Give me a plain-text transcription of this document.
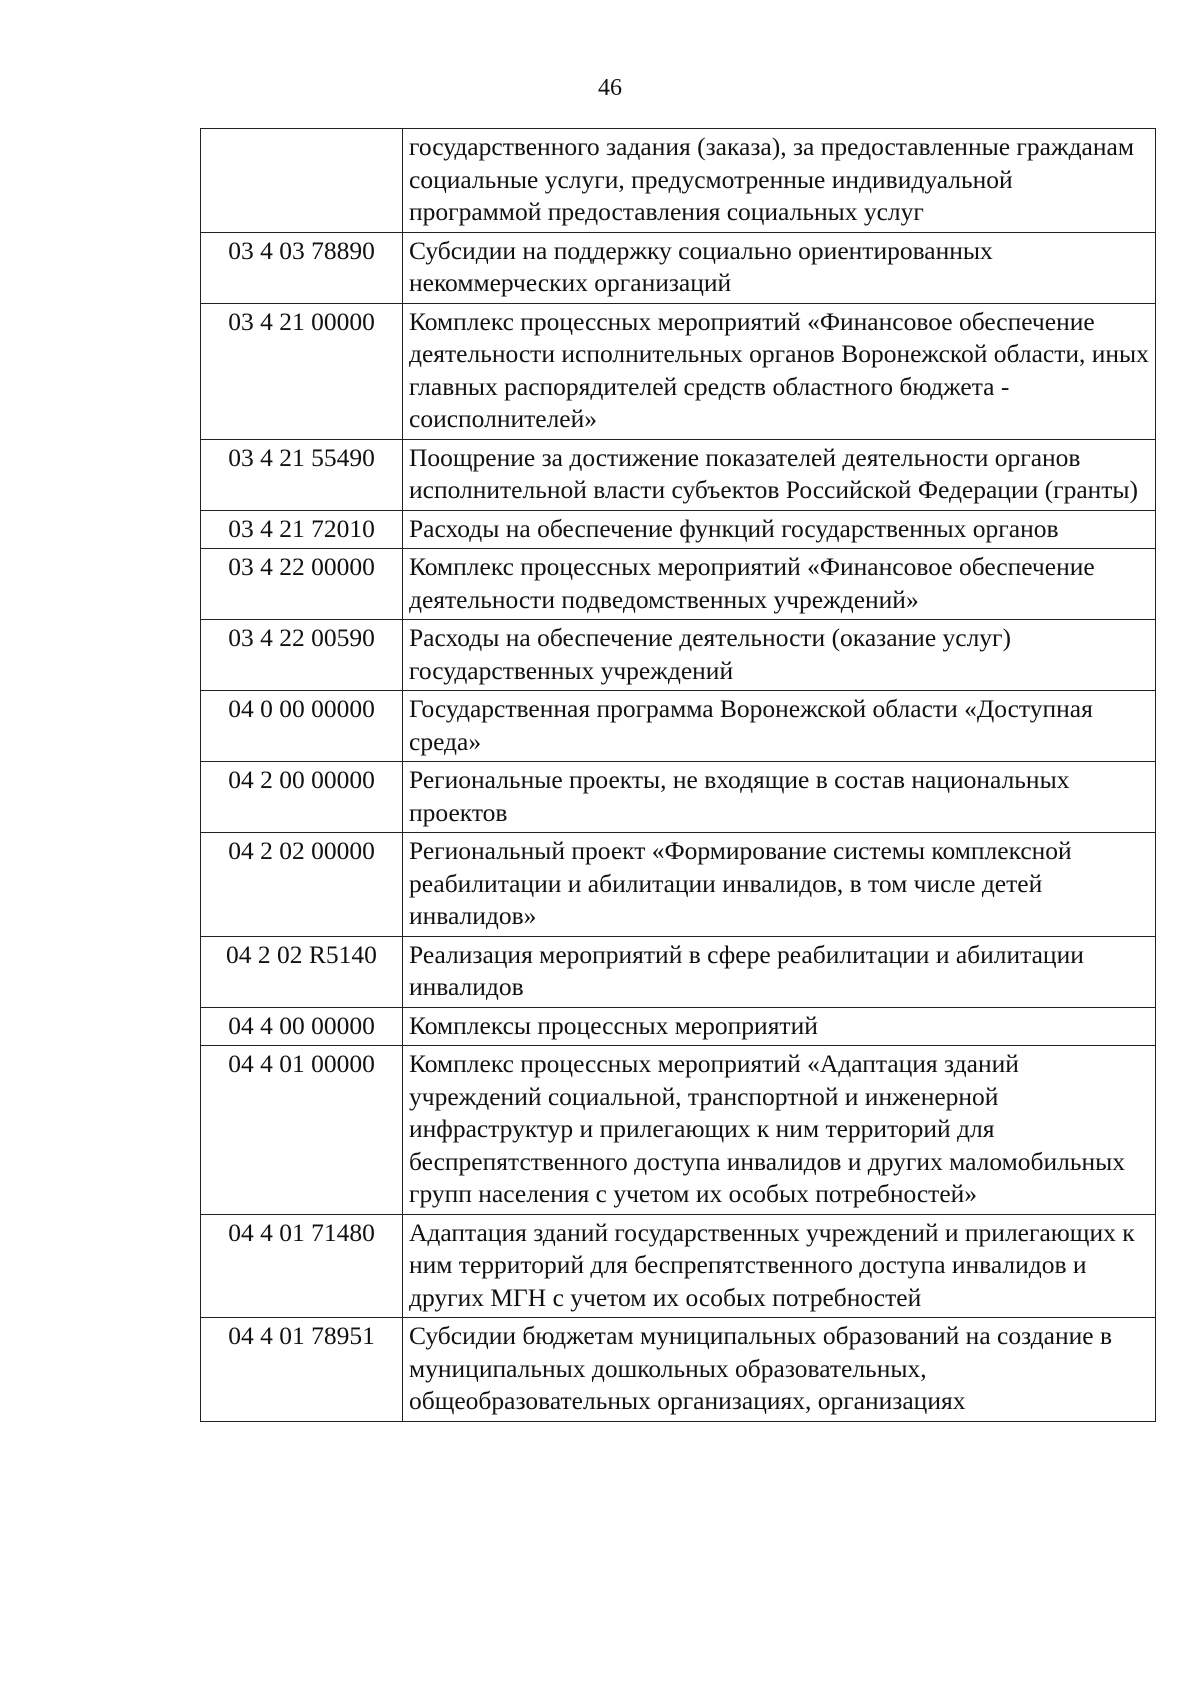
46
	государственного задания (заказа), за предоставленные гражданам социальные услуги, предусмотренные индивидуальной программой предоставления социальных услуг
03 4 03 78890	Субсидии на поддержку социально ориентированных некоммерческих организаций
03 4 21 00000	Комплекс процессных мероприятий «Финансовое обеспечение деятельности исполнительных органов Воронежской области, иных главных распорядителей средств областного бюджета - соисполнителей»
03 4 21 55490	Поощрение за достижение показателей деятельности органов исполнительной власти субъектов Российской Федерации (гранты)
03 4 21 72010	Расходы на обеспечение функций государственных органов
03 4 22 00000	Комплекс процессных мероприятий «Финансовое обеспечение деятельности подведомственных учреждений»
03 4 22 00590	Расходы на обеспечение деятельности (оказание услуг) государственных учреждений
04 0 00 00000	Государственная программа Воронежской области «Доступная среда»
04 2 00 00000	Региональные проекты, не входящие в состав национальных проектов
04 2 02 00000	Региональный проект «Формирование системы комплексной реабилитации и абилитации инвалидов, в том числе детей инвалидов»
04 2 02 R5140	Реализация мероприятий в сфере реабилитации и абилитации инвалидов
04 4 00 00000	Комплексы процессных мероприятий
04 4 01 00000	Комплекс процессных мероприятий «Адаптация зданий учреждений социальной, транспортной и инженерной инфраструктур и прилегающих к ним территорий для беспрепятственного доступа инвалидов и других маломобильных групп населения с учетом их особых потребностей»
04 4 01 71480	Адаптация зданий государственных учреждений и прилегающих к ним территорий для беспрепятственного доступа инвалидов и других МГН с учетом их особых потребностей
04 4 01 78951	Субсидии бюджетам муниципальных образований на создание в муниципальных дошкольных образовательных, общеобразовательных организациях, организациях
